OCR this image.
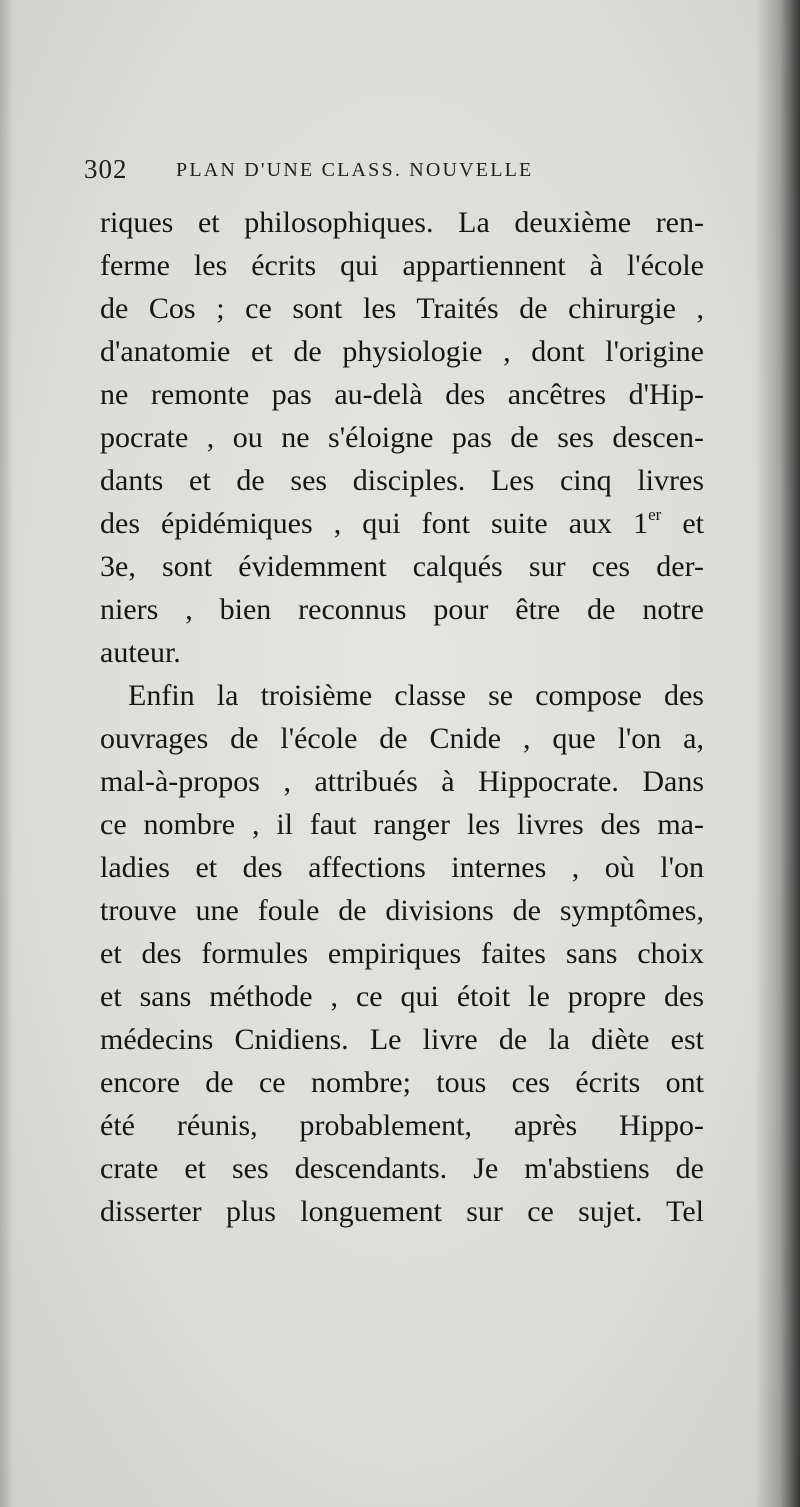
302 PLAN D'UNE CLASS. NOUVELLE
riques et philosophiques. La deuxième ren-
ferme les écrits qui appartiennent à l'école
de Cos ; ce sont les Traités de chirurgie ,
d'anatomie et de physiologie , dont l'origine
ne remonte pas au-delà des ancêtres d'Hip-
pocrate , ou ne s'éloigne pas de ses descen-
dants et de ses disciples. Les cinq livres
des épidémiques , qui font suite aux 1er et
3e, sont évidemment calqués sur ces der-
niers , bien reconnus pour être de notre
auteur.
Enfin la troisième classe se compose des
ouvrages de l'école de Cnide , que l'on a,
mal-à-propos , attribués à Hippocrate. Dans
ce nombre , il faut ranger les livres des ma-
ladies et des affections internes , où l'on
trouve une foule de divisions de symptômes,
et des formules empiriques faites sans choix
et sans méthode , ce qui étoit le propre des
médecins Cnidiens. Le livre de la diète est
encore de ce nombre; tous ces écrits ont
été réunis, probablement, après Hippo-
crate et ses descendants. Je m'abstiens de
disserter plus longuement sur ce sujet. Tel
